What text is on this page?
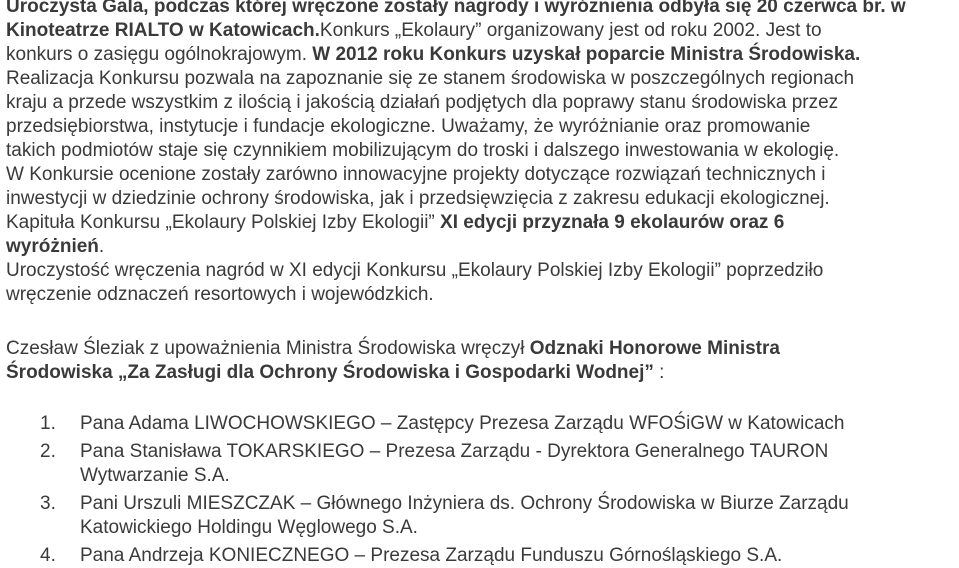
Uroczysta Gala, podczas której wręczone zostały nagrody i wyróżnienia odbyła się 20 czerwca br. w

Kinoteatrze RIALTO w Katowicach.Konkurs „Ekolaury” organizowany jest od roku 2002. Jest to

konkurs o zasięgu ogólnokrajowym. W 2012 roku Konkurs uzyskał poparcie Ministra Środowiska.

Realizacja Konkursu pozwala na zapoznanie się ze stanem środowiska w poszczególnych regionach

kraju a przede wszystkim z ilością i jakością działań podjętych dla poprawy stanu środowiska przez

przedsiębiorstwa, instytucje i fundacje ekologiczne. Uważamy, że wyróżnianie oraz promowanie

takich podmiotów staje się czynnikiem mobilizującym do troski i dalszego inwestowania w ekologię.

W Konkursie ocenione zostały zarówno innowacyjne projekty dotyczące rozwiązań technicznych i

inwestycji w dziedzinie ochrony środowiska, jak i przedsięwzięcia z zakresu edukacji ekologicznej.

Kapituła Konkursu „Ekolaury Polskiej Izby Ekologii” XI edycji przyznała 9 ekolaurów oraz 6

wyróżnień.

Uroczystość wręczenia nagród w XI edycji Konkursu „Ekolaury Polskiej Izby Ekologii” poprzedziło

wręczenie odznaczeń resortowych i wojewódzkich.

Czesław Śleziak z upoważnienia Ministra Środowiska wręczył Odznaki Honorowe Ministra

Środowiska „Za Zasługi dla Ochrony Środowiska i Gospodarki Wodnej” :

1. Pana Adama LIWOCHOWSKIEGO – Zastępcy Prezesa Zarządu WFOŚiGW w Katowicach
2. Pana Stanisława TOKARSKIEGO – Prezesa Zarządu - Dyrektora Generalnego TAURON
Wytwarzanie S.A.
3. Pani Urszuli MIESZCZAK – Głównego Inżyniera ds. Ochrony Środowiska w Biurze Zarządu
Katowickiego Holdingu Węglowego S.A.
4. Pana Andrzeja KONIECZNEGO – Prezesa Zarządu Funduszu Górnośląskiego S.A.
